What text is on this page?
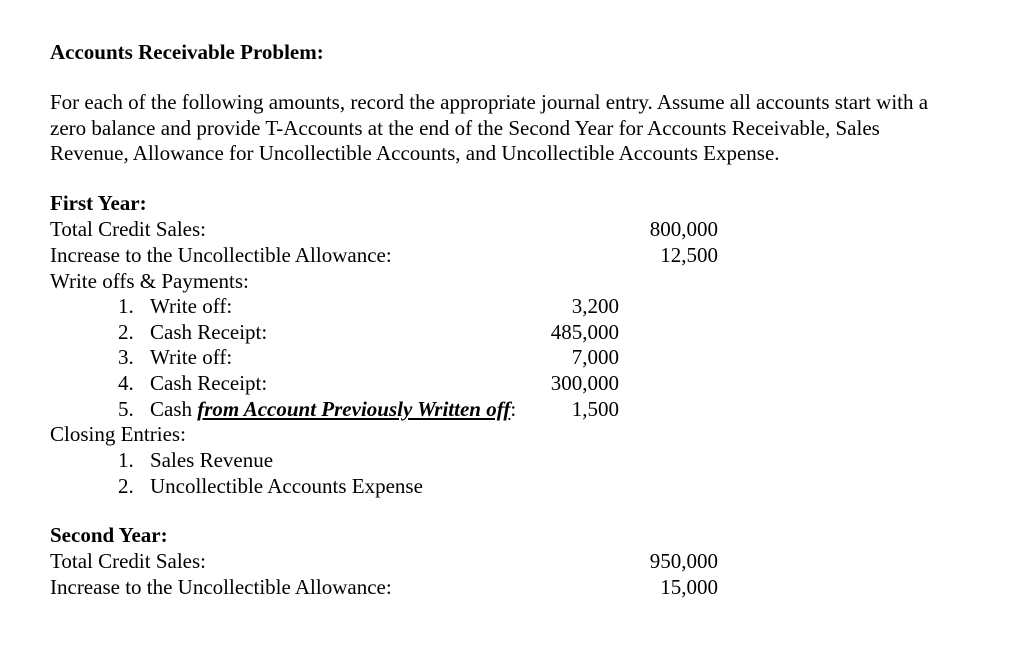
Accounts Receivable Problem:
For each of the following amounts, record the appropriate journal entry. Assume all accounts start with a
zero balance and provide T-Accounts at the end of the Second Year for Accounts Receivable, Sales
Revenue, Allowance for Uncollectible Accounts, and Uncollectible Accounts Expense.
First Year:
Total Credit Sales:	800,000
Increase to the Uncollectible Allowance:	12,500
Write offs & Payments:
1. Write off:	3,200
2. Cash Receipt:	485,000
3. Write off:	7,000
4. Cash Receipt:	300,000
5. Cash from Account Previously Written off:	1,500
Closing Entries:
1. Sales Revenue
2. Uncollectible Accounts Expense
Second Year:
Total Credit Sales:	950,000
Increase to the Uncollectible Allowance:	15,000
